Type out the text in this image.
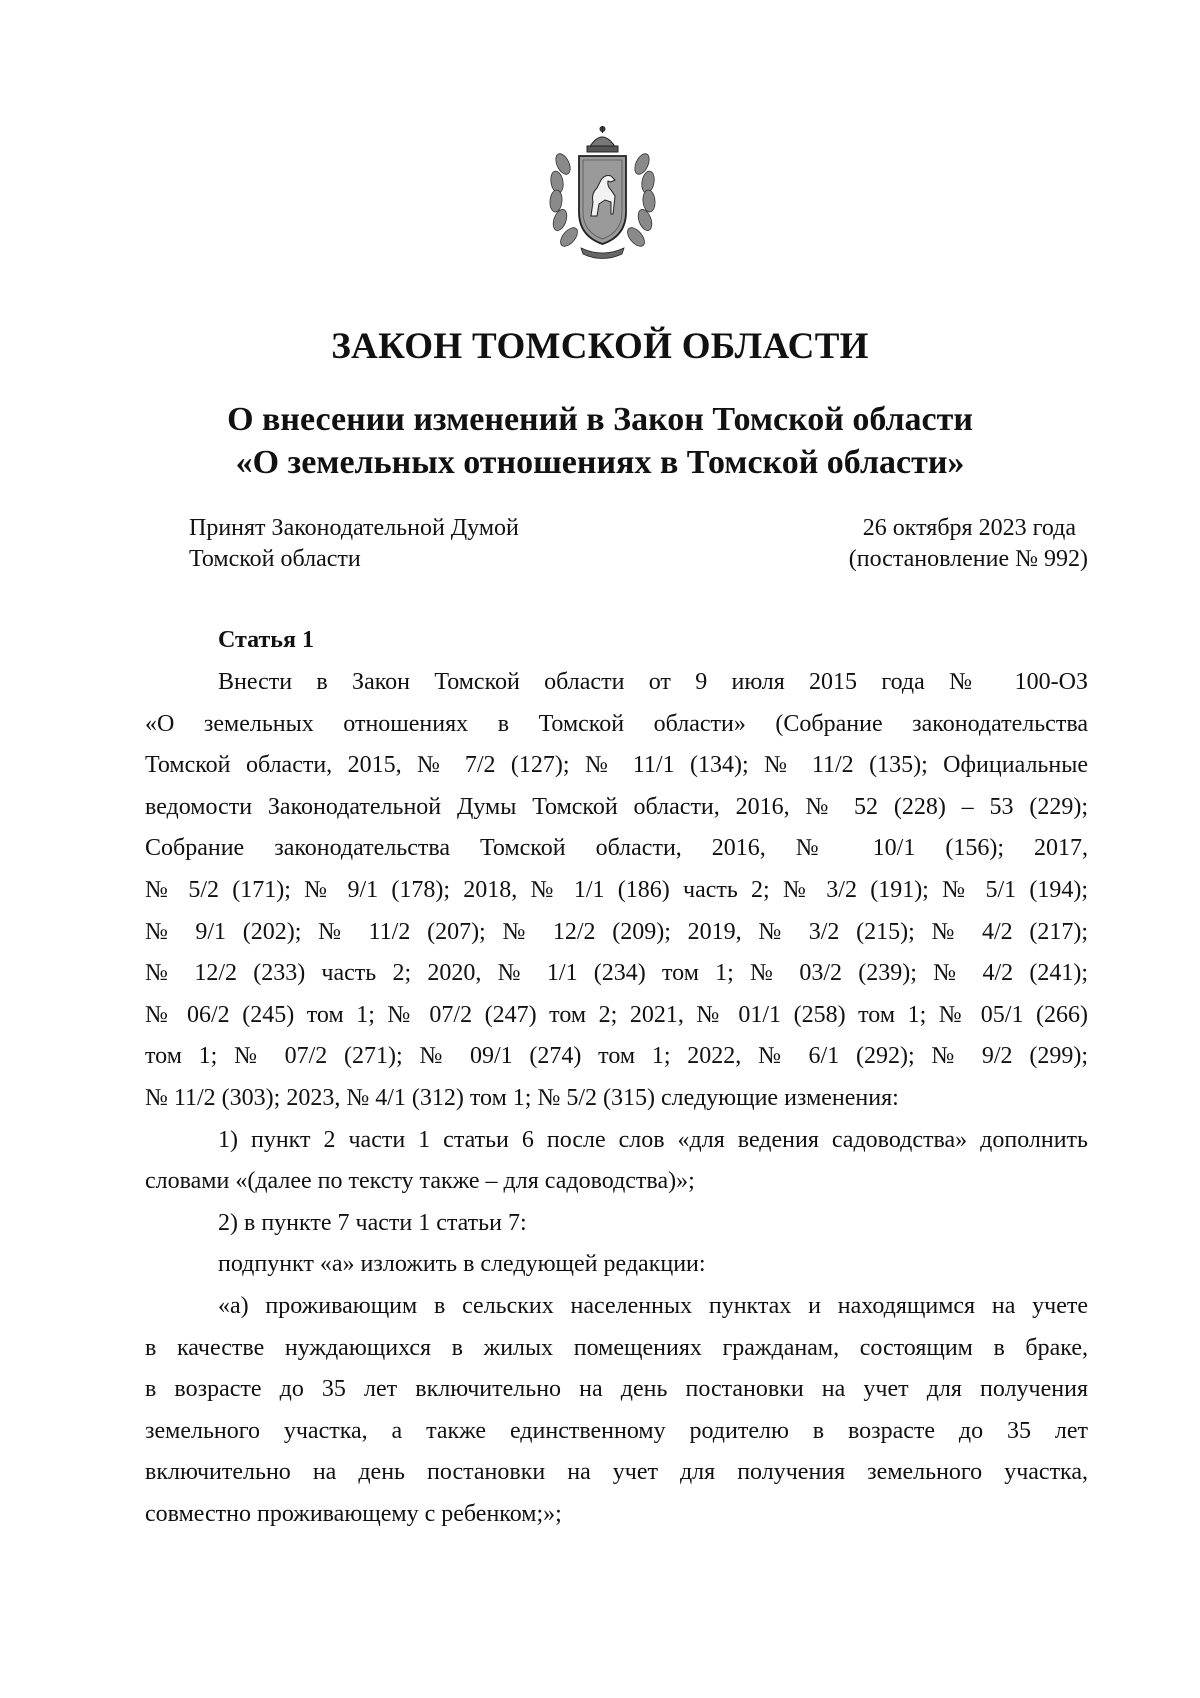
ЗАКОН ТОМСКОЙ ОБЛАСТИ
О внесении изменений в Закон Томской области
«О земельных отношениях в Томской области»
Принят Законодательной Думой
Томской области
26 октября 2023 года
(постановление № 992)
Статья 1
Внести в Закон Томской области от 9 июля 2015 года № 100-ОЗ
«О земельных отношениях в Томской области» (Собрание законодательства
Томской области, 2015, № 7/2 (127); № 11/1 (134); № 11/2 (135); Официальные
ведомости Законодательной Думы Томской области, 2016, № 52 (228) – 53 (229);
Собрание законодательства Томской области, 2016, № 10/1 (156); 2017,
№ 5/2 (171); № 9/1 (178); 2018, № 1/1 (186) часть 2; № 3/2 (191); № 5/1 (194);
№ 9/1 (202); № 11/2 (207); № 12/2 (209); 2019, № 3/2 (215); № 4/2 (217);
№ 12/2 (233) часть 2; 2020, № 1/1 (234) том 1; № 03/2 (239); № 4/2 (241);
№ 06/2 (245) том 1; № 07/2 (247) том 2; 2021, № 01/1 (258) том 1; № 05/1 (266)
том 1; № 07/2 (271); № 09/1 (274) том 1; 2022, № 6/1 (292); № 9/2 (299);
№ 11/2 (303); 2023, № 4/1 (312) том 1; № 5/2 (315) следующие изменения:
1) пункт 2 части 1 статьи 6 после слов «для ведения садоводства» дополнить
словами «(далее по тексту также – для садоводства)»;
2) в пункте 7 части 1 статьи 7:
подпункт «а» изложить в следующей редакции:
«а) проживающим в сельских населенных пунктах и находящимся на учете
в качестве нуждающихся в жилых помещениях гражданам, состоящим в браке,
в возрасте до 35 лет включительно на день постановки на учет для получения
земельного участка, а также единственному родителю в возрасте до 35 лет
включительно на день постановки на учет для получения земельного участка,
совместно проживающему с ребенком;»;
